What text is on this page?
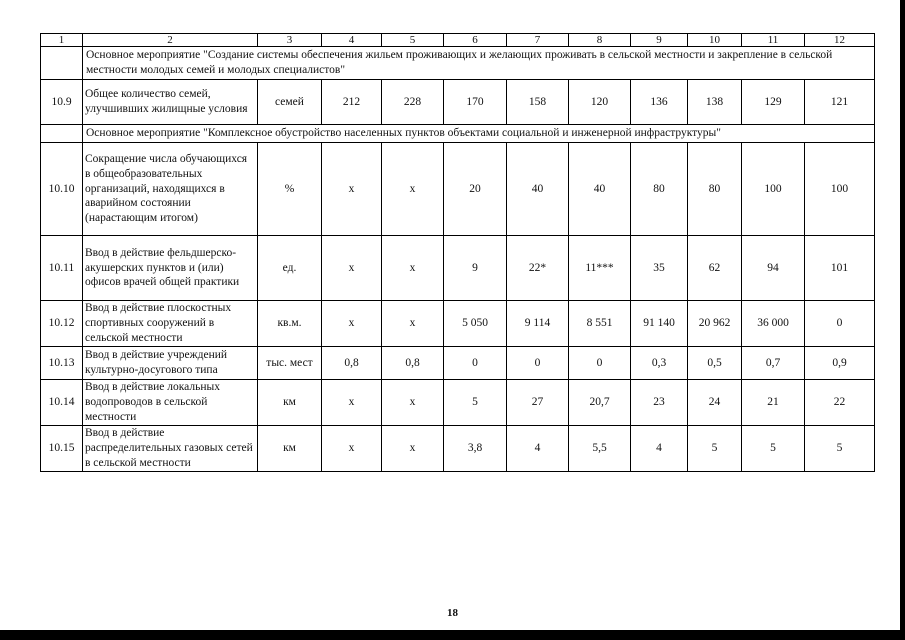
1	2	3	4	5	6	7	8	9	10	11	12
	Основное мероприятие "Создание системы обеспечения жильем проживающих и желающих проживать в сельской местности и закрепление в сельской местности молодых семей и молодых специалистов"										
10.9	Общее количество семей, улучшивших жилищные условия	семей	212	228	170	158	120	136	138	129	121
	Основное мероприятие "Комплексное обустройство населенных пунктов объектами социальной и инженерной инфраструктуры"										
10.10	Сокращение числа обучающихся в общеобразовательных организаций, находящихся в аварийном состоянии (нарастающим итогом)	%	х	х	20	40	40	80	80	100	100
10.11	Ввод в действие фельдшерско-акушерских пунктов и (или) офисов врачей общей практики	ед.	х	х	9	22*	11***	35	62	94	101
10.12	Ввод в действие плоскостных спортивных сооружений в сельской местности	кв.м.	х	х	5 050	9 114	8 551	91 140	20 962	36 000	0
10.13	Ввод в действие учреждений культурно-досугового типа	тыс. мест	0,8	0,8	0	0	0	0,3	0,5	0,7	0,9
10.14	Ввод в действие локальных водопроводов в сельской местности	км	х	х	5	27	20,7	23	24	21	22
10.15	Ввод в действие распределительных газовых сетей в сельской местности	км	х	х	3,8	4	5,5	4	5	5	5
18
